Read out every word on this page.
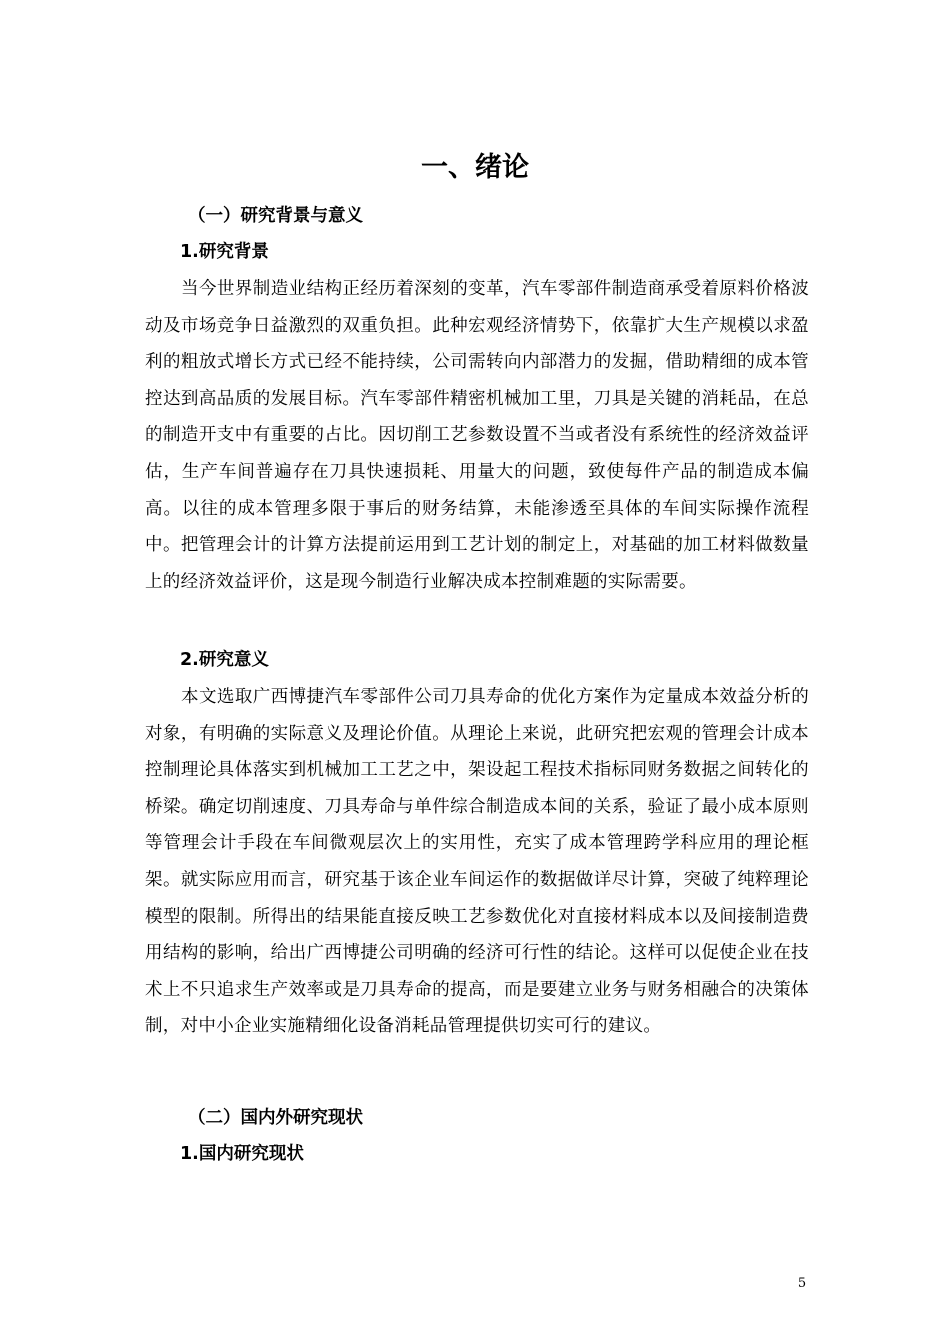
一、绪论
（一）研究背景与意义
1.研究背景

当今世界制造业结构正经历着深刻的变革，汽车零部件制造商承受着原料价格波动及市场竞争日益激烈的双重负担。此种宏观经济情势下，依靠扩大生产规模以求盈利的粗放式增长方式已经不能持续，公司需转向内部潜力的发掘，借助精细的成本管控达到高品质的发展目标。汽车零部件精密机械加工里，刀具是关键的消耗品，在总的制造开支中有重要的占比。因切削工艺参数设置不当或者没有系统性的经济效益评估，生产车间普遍存在刀具快速损耗、用量大的问题，致使每件产品的制造成本偏高。以往的成本管理多限于事后的财务结算，未能渗透至具体的车间实际操作流程中。把管理会计的计算方法提前运用到工艺计划的制定上，对基础的加工材料做数量上的经济效益评价，这是现今制造行业解决成本控制难题的实际需要。

2.研究意义

本文选取广西博捷汽车零部件公司刀具寿命的优化方案作为定量成本效益分析的对象，有明确的实际意义及理论价值。从理论上来说，此研究把宏观的管理会计成本控制理论具体落实到机械加工工艺之中，架设起工程技术指标同财务数据之间转化的桥梁。确定切削速度、刀具寿命与单件综合制造成本间的关系，验证了最小成本原则等管理会计手段在车间微观层次上的实用性，充实了成本管理跨学科应用的理论框架。就实际应用而言，研究基于该企业车间运作的数据做详尽计算，突破了纯粹理论模型的限制。所得出的结果能直接反映工艺参数优化对直接材料成本以及间接制造费用结构的影响，给出广西博捷公司明确的经济可行性的结论。这样可以促使企业在技术上不只追求生产效率或是刀具寿命的提高，而是要建立业务与财务相融合的决策体制，对中小企业实施精细化设备消耗品管理提供切实可行的建议。

（二）国内外研究现状
1.国内研究现状
5
